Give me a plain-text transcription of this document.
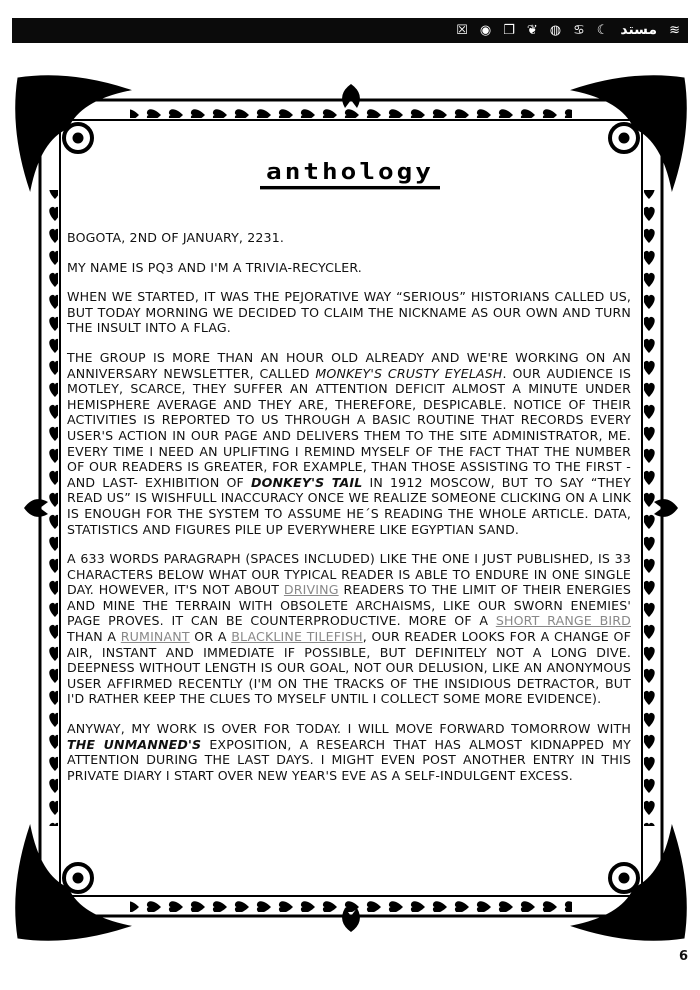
☒ ◉ ❐ ❦ ◍ ♋ ☾ مستد ≋
anthology

BOGOTA, 2ND OF JANUARY, 2231.

MY NAME IS PQ3 AND I'M A TRIVIA-RECYCLER.

WHEN WE STARTED, IT WAS THE PEJORATIVE WAY “SERIOUS” HISTORIANS CALLED US, BUT TODAY MORNING WE DECIDED TO CLAIM THE NICKNAME AS OUR OWN AND TURN THE INSULT INTO A FLAG.

THE GROUP IS MORE THAN AN HOUR OLD ALREADY AND WE'RE WORKING ON AN ANNIVERSARY NEWSLETTER, CALLED MONKEY'S CRUSTY EYELASH. OUR AUDIENCE IS MOTLEY, SCARCE, THEY SUFFER AN ATTENTION DEFICIT ALMOST A MINUTE UNDER HEMISPHERE AVERAGE AND THEY ARE, THEREFORE, DESPICABLE. NOTICE OF THEIR ACTIVITIES IS REPORTED TO US THROUGH A BASIC ROUTINE THAT RECORDS EVERY USER'S ACTION IN OUR PAGE AND DELIVERS THEM TO THE SITE ADMINISTRATOR, ME. EVERY TIME I NEED AN UPLIFTING I REMIND MYSELF OF THE FACT THAT THE NUMBER OF OUR READERS IS GREATER, FOR EXAMPLE, THAN THOSE ASSISTING TO THE FIRST -AND LAST- EXHIBITION OF DONKEY'S TAIL IN 1912 MOSCOW, BUT TO SAY “THEY READ US” IS WISHFULL INACCURACY ONCE WE REALIZE SOMEONE CLICKING ON A LINK IS ENOUGH FOR THE SYSTEM TO ASSUME HE´S READING THE WHOLE ARTICLE. DATA, STATISTICS AND FIGURES PILE UP EVERYWHERE LIKE EGYPTIAN SAND.

A 633 WORDS PARAGRAPH (SPACES INCLUDED) LIKE THE ONE I JUST PUBLISHED, IS 33 CHARACTERS BELOW WHAT OUR TYPICAL READER IS ABLE TO ENDURE IN ONE SINGLE DAY. HOWEVER, IT'S NOT ABOUT DRIVING READERS TO THE LIMIT OF THEIR ENERGIES AND MINE THE TERRAIN WITH OBSOLETE ARCHAISMS, LIKE OUR SWORN ENEMIES' PAGE PROVES. IT CAN BE COUNTERPRODUCTIVE. MORE OF A SHORT RANGE BIRD THAN A RUMINANT OR A BLACKLINE TILEFISH, OUR READER LOOKS FOR A CHANGE OF AIR, INSTANT AND IMMEDIATE IF POSSIBLE, BUT DEFINITELY NOT A LONG DIVE. DEEPNESS WITHOUT LENGTH IS OUR GOAL, NOT OUR DELUSION, LIKE AN ANONYMOUS USER AFFIRMED RECENTLY (I'M ON THE TRACKS OF THE INSIDIOUS DETRACTOR, BUT I'D RATHER KEEP THE CLUES TO MYSELF UNTIL I COLLECT SOME MORE EVIDENCE).

ANYWAY, MY WORK IS OVER FOR TODAY. I WILL MOVE FORWARD TOMORROW WITH THE UNMANNED'S EXPOSITION, A RESEARCH THAT HAS ALMOST KIDNAPPED MY ATTENTION DURING THE LAST DAYS. I MIGHT EVEN POST ANOTHER ENTRY IN THIS PRIVATE DIARY I START OVER NEW YEAR'S EVE AS A SELF-INDULGENT EXCESS.

6
